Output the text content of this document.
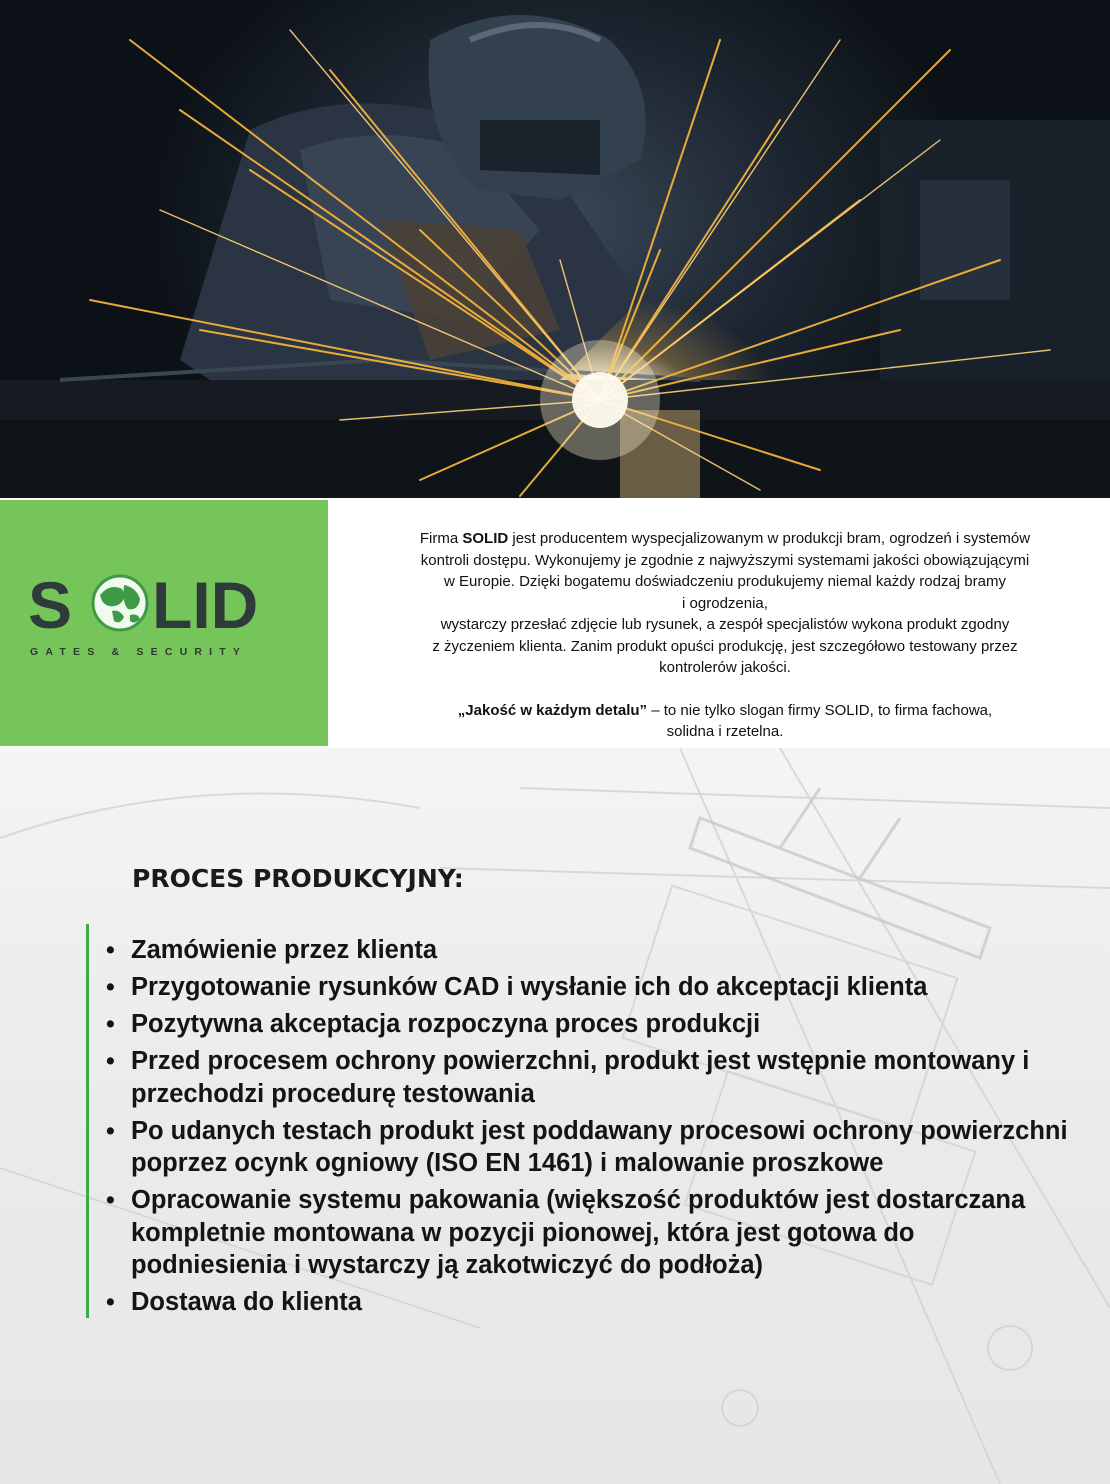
S LID
GATES & SECURITY

Firma SOLID jest producentem wyspecjalizowanym w produkcji bram, ogrodzeń i systemów

kontroli dostępu. Wykonujemy je zgodnie z najwyższymi systemami jakości obowiązującymi

w Europie. Dzięki bogatemu doświadczeniu produkujemy niemal każdy rodzaj bramy

i ogrodzenia,

wystarczy przesłać zdjęcie lub rysunek, a zespół specjalistów wykona produkt zgodny

z życzeniem klienta. Zanim produkt opuści produkcję, jest szczegółowo testowany przez

kontrolerów jakości.

„Jakość w każdym detalu” – to nie tylko slogan firmy SOLID, to firma fachowa,

solidna i rzetelna.

PROCES PRODUKCYJNY:
• Zamówienie przez klienta
• Przygotowanie rysunków CAD i wysłanie ich do akceptacji klienta
• Pozytywna akceptacja rozpoczyna proces produkcji
• Przed procesem ochrony powierzchni, produkt jest wstępnie montowany i przechodzi procedurę testowania
• Po udanych testach produkt jest poddawany procesowi ochrony powierzchni poprzez ocynk ogniowy (ISO EN 1461) i malowanie proszkowe
• Opracowanie systemu pakowania (większość produktów jest dostarczana kompletnie montowana w pozycji pionowej, która jest gotowa do podniesienia i wystarczy ją zakotwiczyć do podłoża)
• Dostawa do klienta
